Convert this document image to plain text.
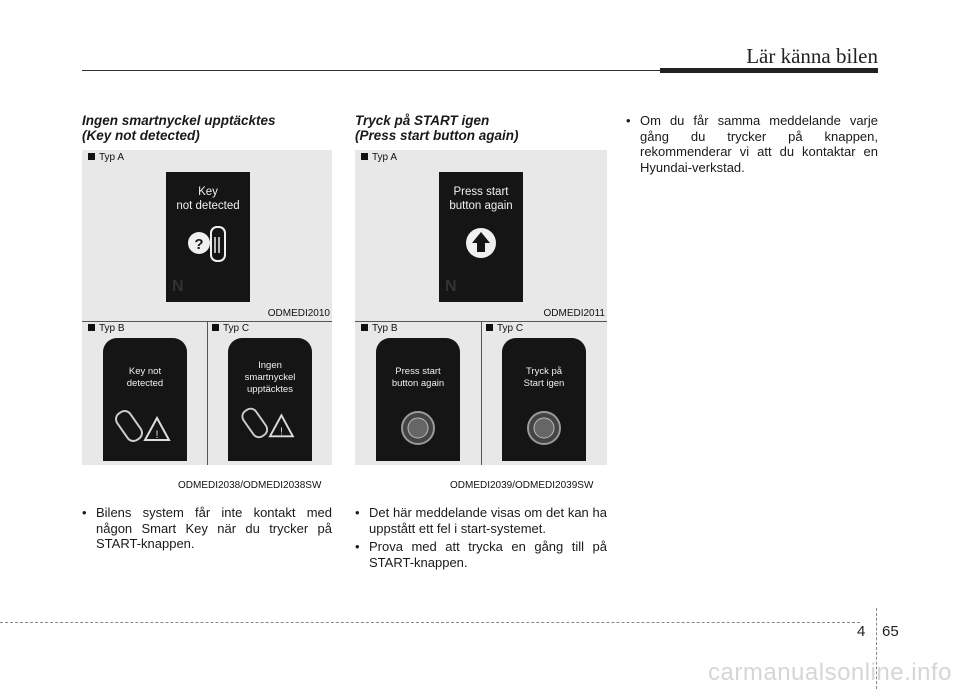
Lär känna bilen
Ingen smartnyckel upptäcktes
(Key not detected)
Typ A
Key
not detected
?
N
ODMEDI2010
Typ B	Typ C
Key not
detected
!
Ingen
smartnyckel
upptäcktes
!
ODMEDI2038/ODMEDI2038SW
• Bilens system får inte kontakt med någon Smart Key när du trycker på START-knappen.
Tryck på START igen
(Press start button again)
Typ A
Press start
button again
N
ODMEDI2011
Typ B	Typ C
Press start
button again
Tryck på
Start igen
ODMEDI2039/ODMEDI2039SW
• Det här meddelande visas om det kan ha uppstått ett fel i start-systemet.
• Prova med att trycka en gång till på START-knappen.
• Om du får samma meddelande varje gång du trycker på knappen, rekommenderar vi att du kontaktar en Hyundai-verkstad.
4 65
carmanualsonline.info
